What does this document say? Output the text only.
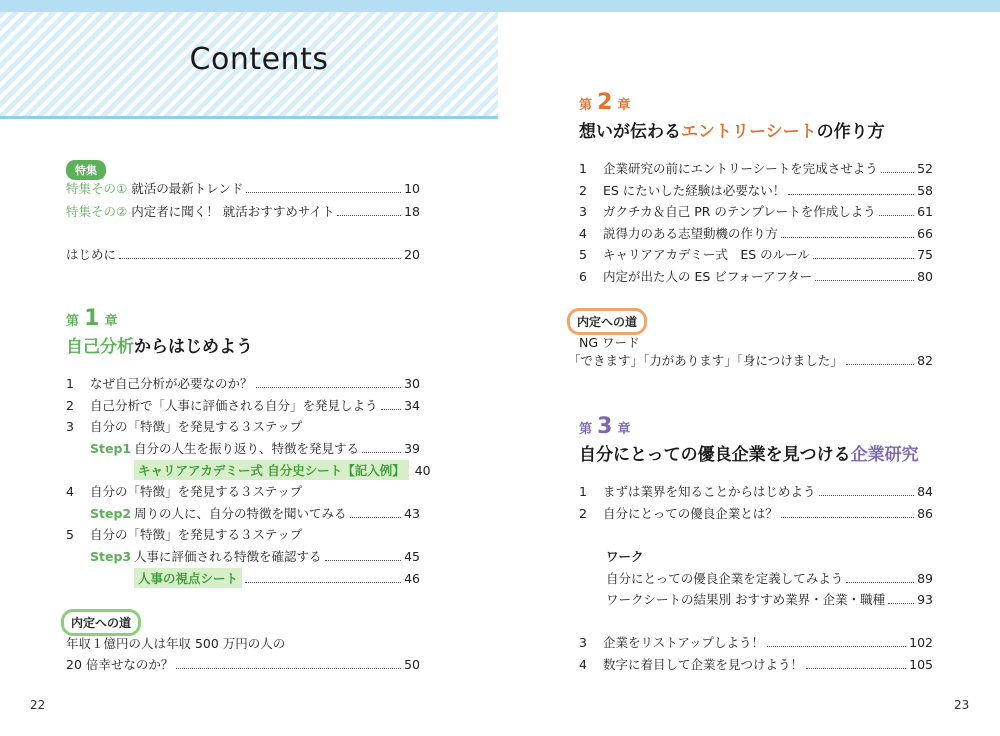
Contents
特集
特集その① 就活の最新トレンド	10
特集その② 内定者に聞く！ 就活おすすめサイト	18
はじめに	20
第 1 章
自己分析からはじめよう
1	なぜ自己分析が必要なのか？	30
2	自己分析で「人事に評価される自分」を発見しよう 34
3	自分の「特徴」を発見する３ステップ
Step1 自分の人生を振り返り、特徴を発見する	39
キャリアアカデミー式 自分史シート【記入例】 40
4	自分の「特徴」を発見する３ステップ
Step2 周りの人に、自分の特徴を聞いてみる	43
5	自分の「特徴」を発見する３ステップ
Step3 人事に評価される特徴を確認する	45
人事の視点シート	46
内定への道
年収１億円の人は年収 500 万円の人の
20 倍幸せなのか？	50
22
第 2 章
想いが伝わるエントリーシートの作り方
1	企業研究の前にエントリーシートを完成させよう	52
2	ES にたいした経験は必要ない！	58
3	ガクチカ＆自己 PR のテンプレートを作成しよう	61
4	説得力のある志望動機の作り方	66
5	キャリアアカデミー式　ES のルール	75
6	内定が出た人の ES ビフォーアフター	80
内定への道
NG ワード
「できます」「力があります」「身につけました」	82
第 3 章
自分にとっての優良企業を見つける企業研究
1	まずは業界を知ることからはじめよう	84
2	自分にとっての優良企業とは？	86
ワーク
自分にとっての優良企業を定義してみよう	89
ワークシートの結果別 おすすめ業界・企業・職種	93
3	企業をリストアップしよう！	102
4	数字に着目して企業を見つけよう！	105
23
